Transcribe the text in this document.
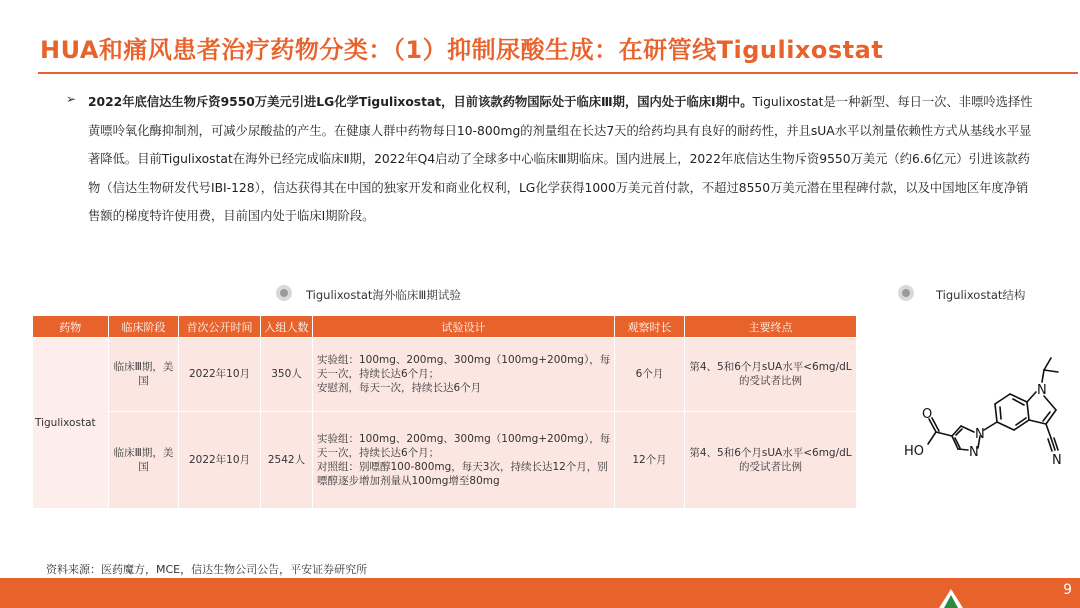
HUA和痛风患者治疗药物分类：（1）抑制尿酸生成：在研管线Tigulixostat
➢ 2022年底信达生物斥资9550万美元引进LG化学Tigulixostat，目前该款药物国际处于临床Ⅲ期，国内处于临床Ⅰ期中。Tigulixostat是一种新型、每日一次、非嘌呤选择性黄嘌呤氧化酶抑制剂，可减少尿酸盐的产生。在健康人群中药物每日10-800mg的剂量组在长达7天的给药均具有良好的耐药性，并且sUA水平以剂量依赖性方式从基线水平显著降低。目前Tigulixostat在海外已经完成临床Ⅱ期，2022年Q4启动了全球多中心临床Ⅲ期临床。国内进展上，2022年底信达生物斥资9550万美元（约6.6亿元）引进该款药物（信达生物研发代号IBI-128），信达获得其在中国的独家开发和商业化权利，LG化学获得1000万美元首付款，不超过8550万美元潜在里程碑付款，以及中国地区年度净销售额的梯度特许使用费，目前国内处于临床Ⅰ期阶段。
Tigulixostat海外临床Ⅲ期试验	Tigulixostat结构
药物	临床阶段	首次公开时间	入组人数	试验设计	观察时长	主要终点
Tigulixostat	临床Ⅲ期，美国	2022年10月	350人	实验组：100mg、200mg、300mg（100mg+200mg），每天一次，持续长达6个月；
安慰剂，每天一次，持续长达6个月	6个月	第4、5和6个月sUA水平<6mg/dL的受试者比例
	临床Ⅲ期，美国	2022年10月	2542人	实验组：100mg、200mg、300mg（100mg+200mg），每天一次，持续长达6个月；
对照组：别嘌醇100-800mg，每天3次，持续长达12个月，别嘌醇逐步增加剂量从100mg增至80mg	12个月	第4、5和6个月sUA水平<6mg/dL的受试者比例
N
N
N
N
O
HO
资料来源：医药魔方，MCE，信达生物公司公告，平安证券研究所
9
